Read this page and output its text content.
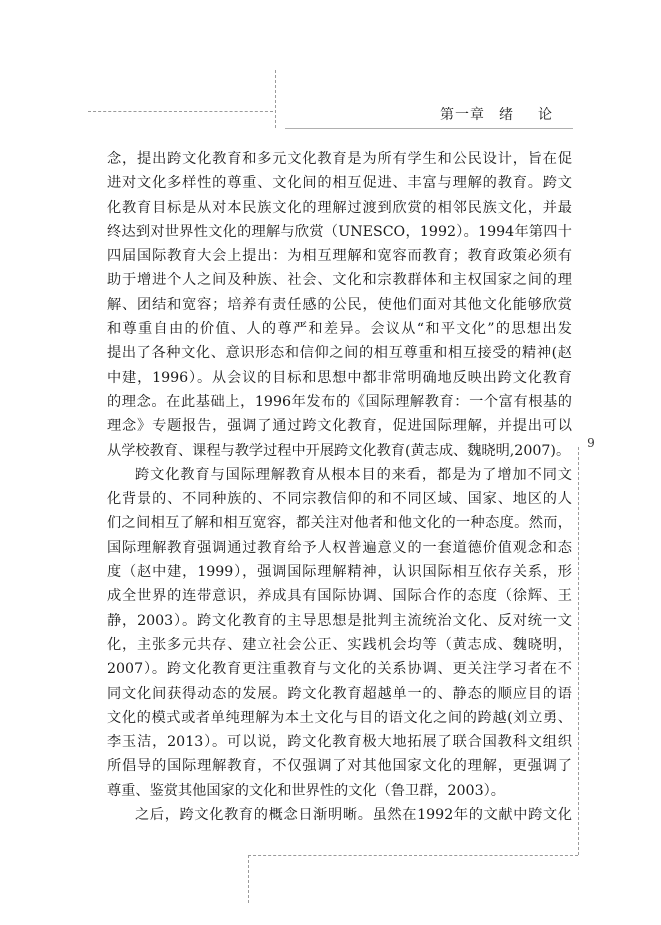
第一章 绪 论
9
念，提出跨文化教育和多元文化教育是为所有学生和公民设计，旨在促
进对文化多样性的尊重、文化间的相互促进、丰富与理解的教育。跨文
化教育目标是从对本民族文化的理解过渡到欣赏的相邻民族文化，并最
终达到对世界性文化的理解与欣赏（UNESCO，1992）。1994年第四十
四届国际教育大会上提出：为相互理解和宽容而教育；教育政策必须有
助于增进个人之间及种族、社会、文化和宗教群体和主权国家之间的理
解、团结和宽容；培养有责任感的公民，使他们面对其他文化能够欣赏
和尊重自由的价值、人的尊严和差异。会议从“和平文化”的思想出发
提出了各种文化、意识形态和信仰之间的相互尊重和相互接受的精神(赵
中建，1996）。从会议的目标和思想中都非常明确地反映出跨文化教育
的理念。在此基础上，1996年发布的《国际理解教育：一个富有根基的
理念》专题报告，强调了通过跨文化教育，促进国际理解，并提出可以
从学校教育、课程与教学过程中开展跨文化教育(黄志成、魏晓明,2007)。
跨文化教育与国际理解教育从根本目的来看，都是为了增加不同文
化背景的、不同种族的、不同宗教信仰的和不同区域、国家、地区的人
们之间相互了解和相互宽容，都关注对他者和他文化的一种态度。然而，
国际理解教育强调通过教育给予人权普遍意义的一套道德价值观念和态
度（赵中建，1999），强调国际理解精神，认识国际相互依存关系，形
成全世界的连带意识，养成具有国际协调、国际合作的态度（徐辉、王
静，2003）。跨文化教育的主导思想是批判主流统治文化、反对统一文
化，主张多元共存、建立社会公正、实践机会均等（黄志成、魏晓明，
2007）。跨文化教育更注重教育与文化的关系协调、更关注学习者在不
同文化间获得动态的发展。跨文化教育超越单一的、静态的顺应目的语
文化的模式或者单纯理解为本土文化与目的语文化之间的跨越(刘立勇、
李玉洁，2013）。可以说，跨文化教育极大地拓展了联合国教科文组织
所倡导的国际理解教育，不仅强调了对其他国家文化的理解，更强调了
尊重、鉴赏其他国家的文化和世界性的文化（鲁卫群，2003）。
之后，跨文化教育的概念日渐明晰。虽然在1992年的文献中跨文化
